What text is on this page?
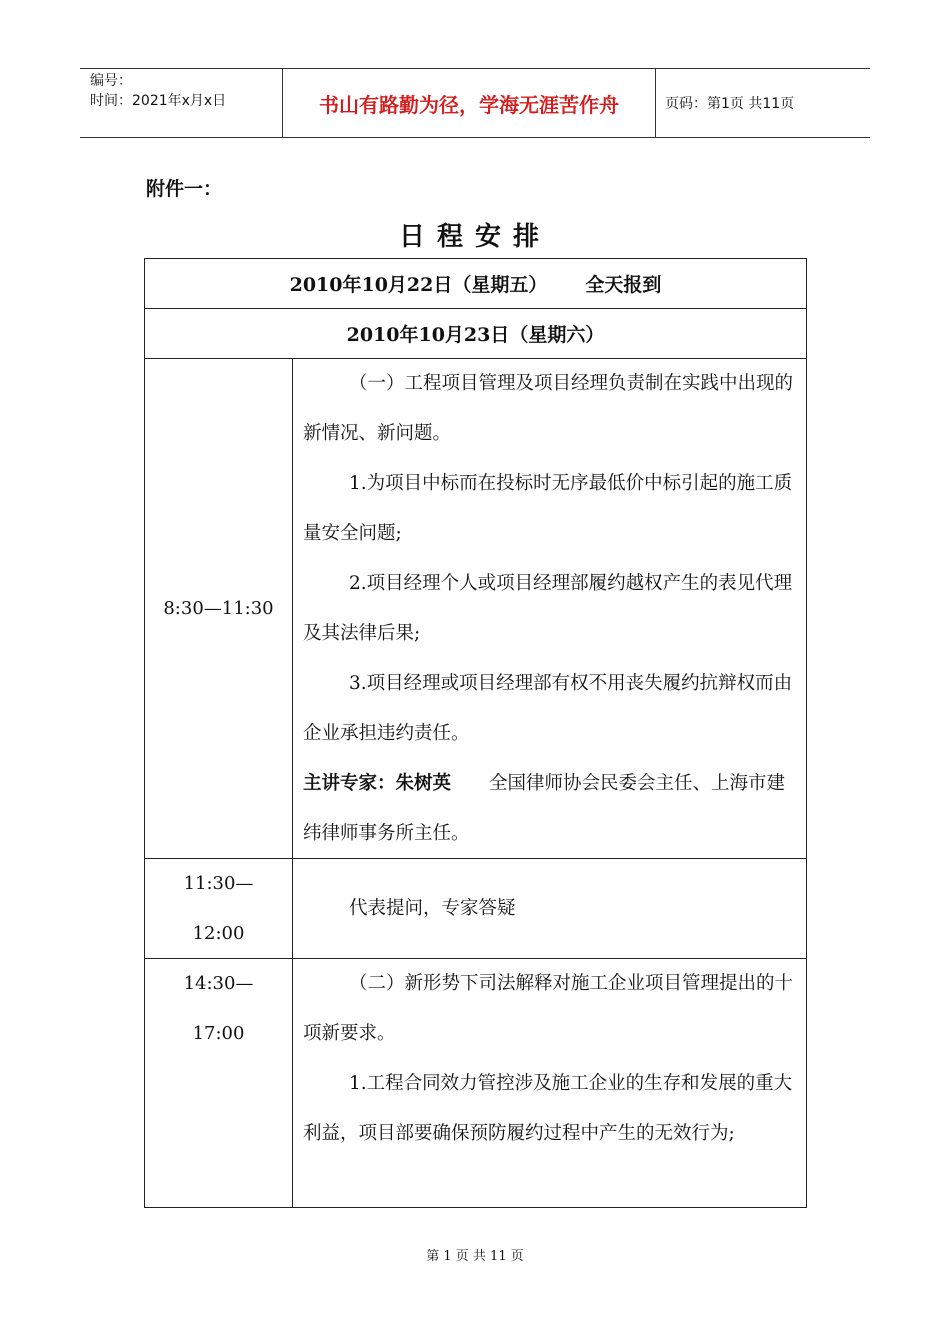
编号：
时间：2021年x月x日	书山有路勤为径，学海无涯苦作舟	页码：第1页 共11页
附件一：
日程安排
2010年10月22日（星期五） 全天报到
2010年10月23日（星期六）
8:30—11:30

（一）工程项目管理及项目经理负责制在实践中出现的新情况、新问题。

1.为项目中标而在投标时无序最低价中标引起的施工质量安全问题;

2.项目经理个人或项目经理部履约越权产生的表见代理及其法律后果;

3.项目经理或项目经理部有权不用丧失履约抗辩权而由企业承担违约责任。

主讲专家：朱树英 全国律师协会民委会主任、上海市建纬律师事务所主任。

11:30—
12:00

代表提问，专家答疑

14:30—
17:00

（二）新形势下司法解释对施工企业项目管理提出的十项新要求。

1.工程合同效力管控涉及施工企业的生存和发展的重大利益，项目部要确保预防履约过程中产生的无效行为;

第 1 页 共 11 页
